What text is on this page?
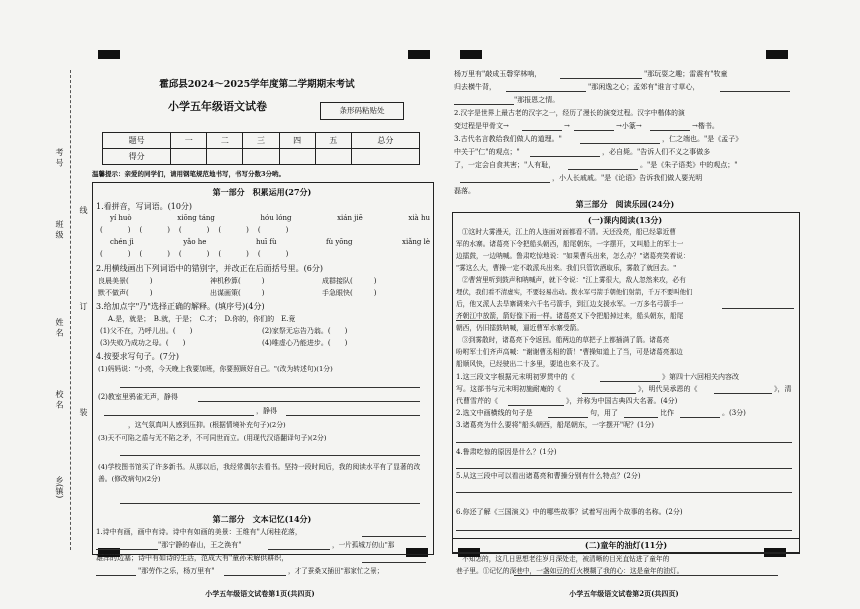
考 号
班 级
姓 名
校 名
乡(镇)
线
订
装
霍邱县2024～2025学年度第二学期期末考试
小学五年级语文试卷	条形码粘贴处
题号	一	二	三	四	五	总分
得分						
温馨提示：亲爱的同学们，请用钢笔规范地书写，书写分数3分哟。
第一部分　积累运用(27分)
1.看拼音，写词语。(10分)
yí huò	xiōng táng	hóu lóng	xián jiē	xià hu
(　　　)　(　　　)　(　　　)　(　　　)　(　　　)
chén jì	yǎo he	huī fù	fù yōng	xiǎng lè
(　　　)　(　　　)　(　　　)　(　　　)　(　　　)
2.用横线画出下列词语中的错别字，并改正在后面括号里。(6分)
良晨美景(　　　)	神机秒算(　　　)	成群接队(　　　)
默不做声(　　　)	出谋画策(　　　)	手急眼快(　　　)
3.给加点字"乃"选择正确的解释。(填序号)(4分)
A.是，就是；　B.就，于是；　C.才；　D.你的，你们的　E.竟
(1)父不在，乃呼儿出。(　　)	(2)家祭无忘告乃翁。(　　)
(3)失败乃成功之母。(　　)	(4)唯虚心乃能进步。(　　)
4.按要求写句子。(7分)
(1)妈妈说："小亮，今天晚上我要加班，你要照顾好自己。"(改为转述句)(1分)
(2)教室里鸦雀无声，静得
，静得
，这气氛真叫人感到压抑。(根据情境补充句子)(2分)
(3)天不可陷之盾与无不陷之矛，不可同世而立。(用现代汉语翻译句子)(2分)
(4)学校图书馆买了许多新书。从那以后，我经常偶尔去看书。坚持一段时间后，我的阅读水平有了显著的改善。(修改病句)(2分)
第二部分　文本记忆(14分)
1.诗中有画，画中有诗。诗中有如画的美景：王维有"人闲桂花落，
"那宁静的春山，王之涣有"	，一片孤城万仞山"那
雄浑的边塞；诗中有如诗的生活，范成大有"童孙未解供耕织，
"那劳作之乐，杨万里有"	，才了蚕桑又插田"那家忙之景；
小学五年级语文试卷第1页(共四页)
杨万里有"敲成玉磬穿林响，	"那玩耍之趣；雷震有"牧童
归去横牛背，	"那闲逸之心；孟郊有"谁言寸草心，
"那报恩之情。
2.汉字是世界上最古老的汉字之一，经历了漫长的演变过程。汉字中楷体的演
变过程是甲骨文→	→	→小篆→	→楷书。
3.古代名言教给我们做人的道理。"	，仁之端也。"是《孟子》
中关于"仁"的观点；"	，必自毙。"告诉人们不义之事做多
了，一定会自食其害；"人有耻，	。"是《朱子语类》中的观点；"
，小人长戚戚。"是《论语》告诉我们做人要光明
磊落。
第三部分　阅读乐园(24分)
(一)课内阅读(13分)
①这时大雾漫天，江上的人连面对面都看不清。天还没亮，船已经靠近曹
军的水寨。诸葛亮下令把船头朝西，船尾朝东，一字摆开，又叫船上的军士一
边擂鼓，一边呐喊。鲁肃吃惊地说："如果曹兵出来，怎么办？"诸葛亮笑着说：
"雾这么大，曹操一定不敢派兵出来。我们只管饮酒取乐，雾散了就回去。"
②曹营里听到鼓声和呐喊声，就下令说："江上雾很大，敌人忽然来攻，必有
埋伏，我们看不清虚实，不要轻易出动。拨水军弓箭手朝他们射箭，千万不要叫他们
后，他又派人去旱寨调来六千名弓箭手，到江边支援水军。一万多名弓箭手一
齐朝江中放箭，箭好像下雨一样。诸葛亮又下令把船掉过来，船头朝东，船尾
朝西，仍旧擂鼓呐喊，逼近曹军水寨受箭。
③到雾散时，诸葛亮下令返回。船两边的草把子上都插满了箭。诸葛亮
吩咐军士们齐声高喊："谢谢曹丞相的箭！"曹操知道上了当，可是诸葛亮那边
船顺风快，已经驶出二十多里，要追也来不及了。
1.这三段文字根据元末明初罗贯中的《	》第四十六回相关内容改
写。这部书与元末明初施耐庵的《	》，明代吴承恩的《	》，清
代曹雪芹的《	》，并称为中国古典四大名著。(4分)
2.选文中画横线的句子是	句，用了	比作	。(3分)
3.诸葛亮为什么要将"船头朝西，船尾朝东，一字摆开"呢？(1分)
4.鲁肃吃惊的原因是什么？(1分)
5.从这三段中可以看出诸葛亮和曹操分别有什么特点？(2分)
6.你还了解《三国演义》中的哪些故事？试着写出两个故事的名称。(2分)
(二)童年的油灯(11分)
不知怎的，这几日思想老往岁月深处走，被清晰的目光直钻进了童年的
巷子里。①记忆的深巷中，一盏如豆的灯火模糊了我的心：这是童年的油灯。
小学五年级语文试卷第2页(共四页)
